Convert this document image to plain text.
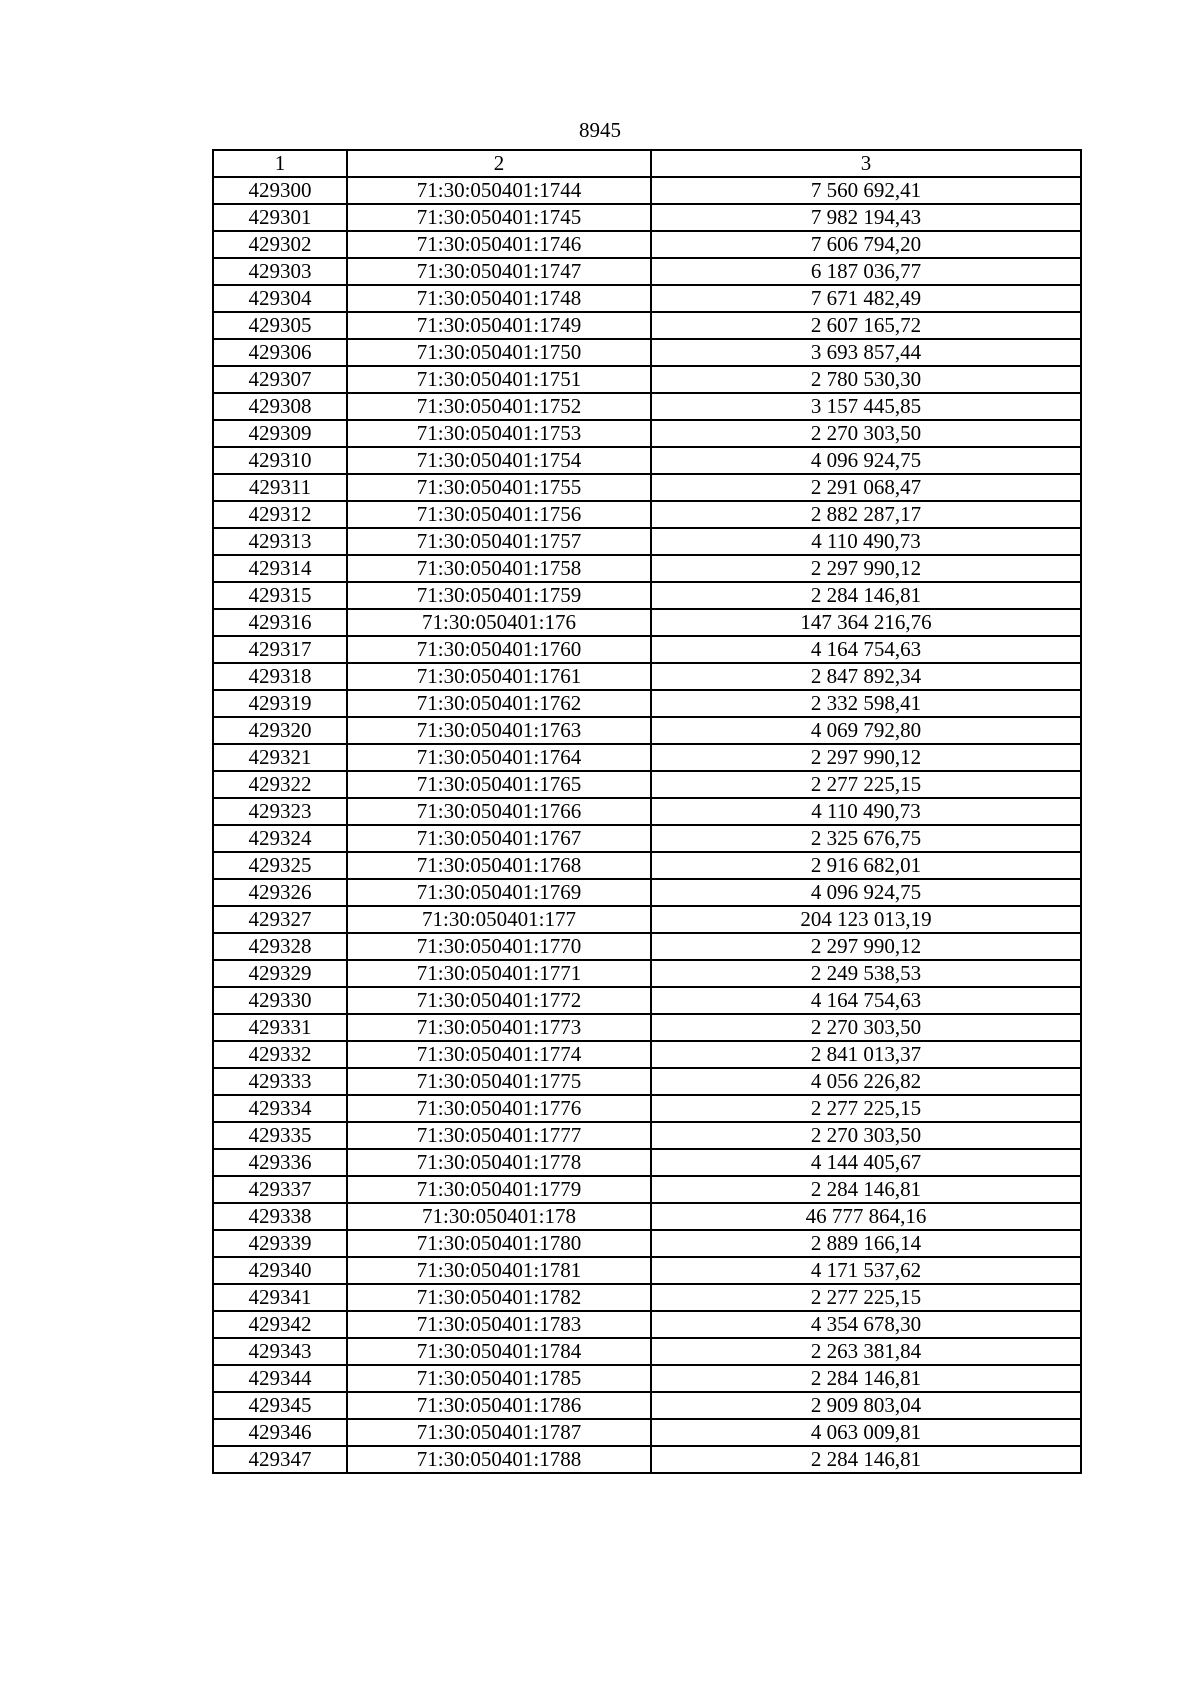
8945
1	2	3
429300	71:30:050401:1744	7 560 692,41
429301	71:30:050401:1745	7 982 194,43
429302	71:30:050401:1746	7 606 794,20
429303	71:30:050401:1747	6 187 036,77
429304	71:30:050401:1748	7 671 482,49
429305	71:30:050401:1749	2 607 165,72
429306	71:30:050401:1750	3 693 857,44
429307	71:30:050401:1751	2 780 530,30
429308	71:30:050401:1752	3 157 445,85
429309	71:30:050401:1753	2 270 303,50
429310	71:30:050401:1754	4 096 924,75
429311	71:30:050401:1755	2 291 068,47
429312	71:30:050401:1756	2 882 287,17
429313	71:30:050401:1757	4 110 490,73
429314	71:30:050401:1758	2 297 990,12
429315	71:30:050401:1759	2 284 146,81
429316	71:30:050401:176	147 364 216,76
429317	71:30:050401:1760	4 164 754,63
429318	71:30:050401:1761	2 847 892,34
429319	71:30:050401:1762	2 332 598,41
429320	71:30:050401:1763	4 069 792,80
429321	71:30:050401:1764	2 297 990,12
429322	71:30:050401:1765	2 277 225,15
429323	71:30:050401:1766	4 110 490,73
429324	71:30:050401:1767	2 325 676,75
429325	71:30:050401:1768	2 916 682,01
429326	71:30:050401:1769	4 096 924,75
429327	71:30:050401:177	204 123 013,19
429328	71:30:050401:1770	2 297 990,12
429329	71:30:050401:1771	2 249 538,53
429330	71:30:050401:1772	4 164 754,63
429331	71:30:050401:1773	2 270 303,50
429332	71:30:050401:1774	2 841 013,37
429333	71:30:050401:1775	4 056 226,82
429334	71:30:050401:1776	2 277 225,15
429335	71:30:050401:1777	2 270 303,50
429336	71:30:050401:1778	4 144 405,67
429337	71:30:050401:1779	2 284 146,81
429338	71:30:050401:178	46 777 864,16
429339	71:30:050401:1780	2 889 166,14
429340	71:30:050401:1781	4 171 537,62
429341	71:30:050401:1782	2 277 225,15
429342	71:30:050401:1783	4 354 678,30
429343	71:30:050401:1784	2 263 381,84
429344	71:30:050401:1785	2 284 146,81
429345	71:30:050401:1786	2 909 803,04
429346	71:30:050401:1787	4 063 009,81
429347	71:30:050401:1788	2 284 146,81
